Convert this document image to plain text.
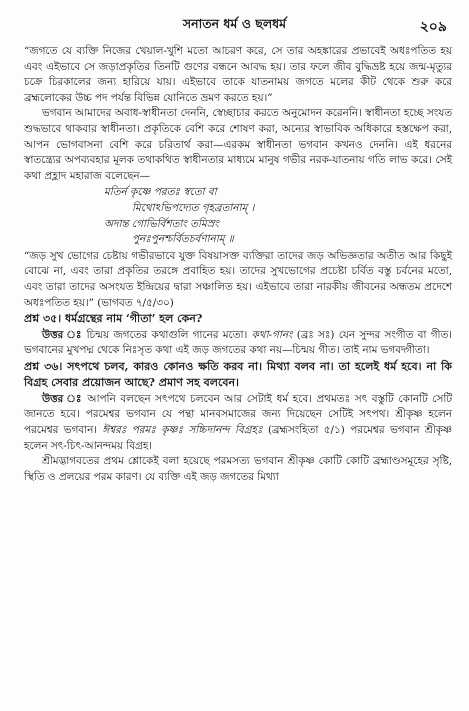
সনাতন ধর্ম ও ছলধর্ম	২০৯

“জগতে যে ব্যক্তি নিজের খেয়াল-খুশি মতো আচরণ করে, সে তার অহঙ্কারের প্রভাবেই অধঃপতিত হয় এবং এইভাবে সে জড়াপ্রকৃতির তিনটি গুণের বন্ধনে আবদ্ধ হয়। তার ফলে জীব বুদ্ধিভ্রষ্ট হয়ে জন্ম-মৃত্যুর চক্রে চিরকালের জন্য হারিয়ে যায়। এইভাবে তাকে যাতনাময় জগতে মলের কীট থেকে শুরু করে ব্রহ্মলোকের উচ্চ পদ পর্যন্ত বিভিন্ন যোনিতে ভ্রমণ করতে হয়।”

ভগবান আমাদের অবাধ-স্বাধীনতা দেননি, স্বেচ্ছাচার করতে অনুমোদন করেননি। স্বাধীনতা হচ্ছে সংযত শুদ্ধভাবে থাকবার স্বাধীনতা। প্রকৃতিকে বেশি করে শোষণ করা, অন্যের স্বাভাবিক অধিকারে হস্তক্ষেপ করা, আপন ভোগবাসনা বেশি করে চরিতার্থ করা—এরকম স্বাধীনতা ভগবান কখনও দেননি। এই ধরনের স্বাতন্ত্র্যের অপব্যবহার মূলক তথাকথিত স্বাধীনতার মাধ্যমে মানুষ গভীর নরক-যাতনায় গতি লাভ করে। সেই কথা প্রহ্লাদ মহারাজ বলেছেন—

মতির্ন কৃষ্ণে পরতঃ স্বতো বা
মিথোঽভিপদ্যেত গৃহব্রতানাম্ ।
অদান্ত গোভির্বিশতাং তমিস্রং
পুনঃপুনশ্চর্বিতচর্বণানাম্ ॥

“জড় সুখ ভোগের চেষ্টায় গভীরভাবে যুক্ত বিষয়াসক্ত ব্যক্তিরা তাদের জড় অভিজ্ঞতার অতীত আর কিছুই বোঝে না, এবং তারা প্রকৃতির তরঙ্গে প্রবাহিত হয়। তাদের সুখভোগের প্রচেষ্টা চর্বিত বস্তু চর্বনের মতো, এবং তারা তাদের অসংযত ইন্দ্রিয়ের দ্বারা সঞ্চালিত হয়। এইভাবে তারা নারকীয় জীবনের অন্ধতম প্রদেশে অধঃপতিত হয়।” (ভাগবত ৭/৫/৩০)

প্রশ্ন ৩৫। ধর্মগ্রন্থের নাম ‘গীতা’ হল কেন?

উত্তর ঃ চিন্ময় জগতের কথাগুলি গানের মতো। কথা-গানং (ব্রঃ সঃ) যেন সুন্দর সংগীত বা গীত। ভগবানের মুখপদ্ম থেকে নিঃসৃত কথা এই জড় জগতের কথা নয়—চিন্ময় গীত। তাই নাম ভগবদ্গীতা।

প্রশ্ন ৩৬। সৎপথে চলব, কারও কোনও ক্ষতি করব না। মিথ্যা বলব না। তা হলেই ধর্ম হবে। না কি বিগ্রহ সেবার প্রয়োজন আছে? প্রমাণ সহ বলবেন।

উত্তর ঃ আপনি বলছেন সৎপথে চলবেন আর সেটাই ধর্ম হবে। প্রথমতঃ সৎ বস্তুটি কোনটি সেটি জানতে হবে। পরমেশ্বর ভগবান যে পন্থা মানবসমাজের জন্য দিয়েছেন সেটিই সৎপথ। শ্রীকৃষ্ণ হলেন পরমেশ্বর ভগবান। ঈশ্বরঃ পরমঃ কৃষ্ণঃ সচ্চিদানন্দ বিগ্রহঃ (ব্রহ্মসংহিতা ৫/১) পরমেশ্বর ভগবান শ্রীকৃষ্ণ হলেন সৎ-চিৎ-আনন্দময় বিগ্রহ।

শ্রীমদ্ভাগবতের প্রথম শ্লোকেই বলা হয়েছে পরমসত্য ভগবান শ্রীকৃষ্ণ কোটি কোটি ব্রহ্মাণ্ডসমূহের সৃষ্টি, স্থিতি ও প্রলয়ের পরম কারণ। যে ব্যক্তি এই জড় জগতের মিথ্যা
